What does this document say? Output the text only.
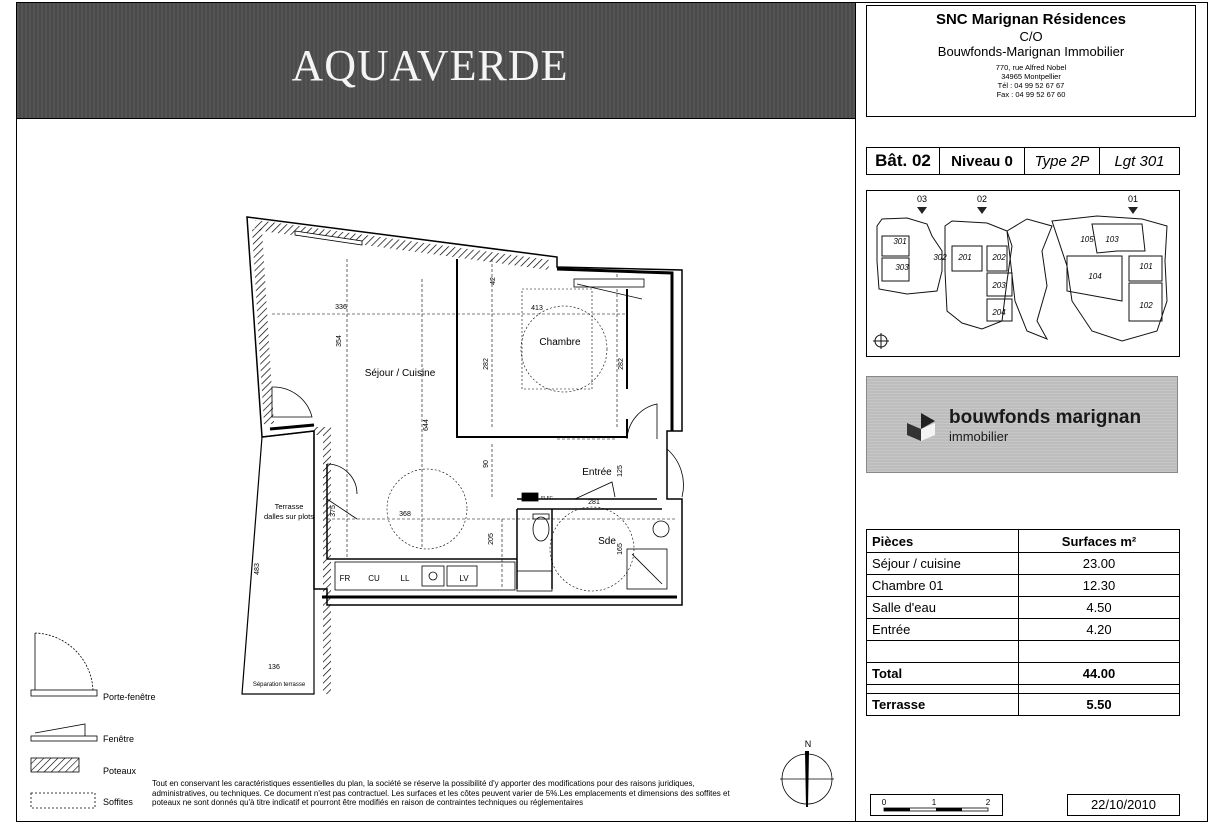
AQUAVERDE
SNC Marignan Résidences
C/O
Bouwfonds-Marignan Immobilier
770, rue Alfred Nobel
34965 Montpellier
Tél : 04 99 52 67 67
Fax : 04 99 52 67 60
Bât. 02	Niveau 0	Type 2P	Lgt 301
03	02	01
301
303
302 201	202
203
204
105 103
104
101
102
bouwfonds marignan
immobilier
Pièces	Surfaces m²
Séjour / cuisine	23.00
Chambre 01	12.30
Salle d'eau	4.50
Entrée	4.20

Total	44.00

Terrasse	5.50
Séjour / Cuisine
Chambre
Entrée
Sde
Terrasse
dalles sur plots
Séparation terrasse
336	413
354
282	282
644
90
125
368
281
205
165
483
136
42
375
FR CU	LL	LV
ELEC
Porte-fenêtre
Fenêtre
Poteaux
Soffites
Tout en conservant les caractéristiques essentielles du plan, la société se réserve la possibilité d'y apporter des modifications pour des raisons juridiques, administratives, ou techniques. Ce document n'est pas contractuel. Les surfaces et les côtes peuvent varier de 5%.Les emplacements et dimensions des soffites et poteaux ne sont donnés qu'à titre indicatif et pourront être modifiés en raison de contraintes techniques ou réglementaires
N
0	1	2	22/10/2010
